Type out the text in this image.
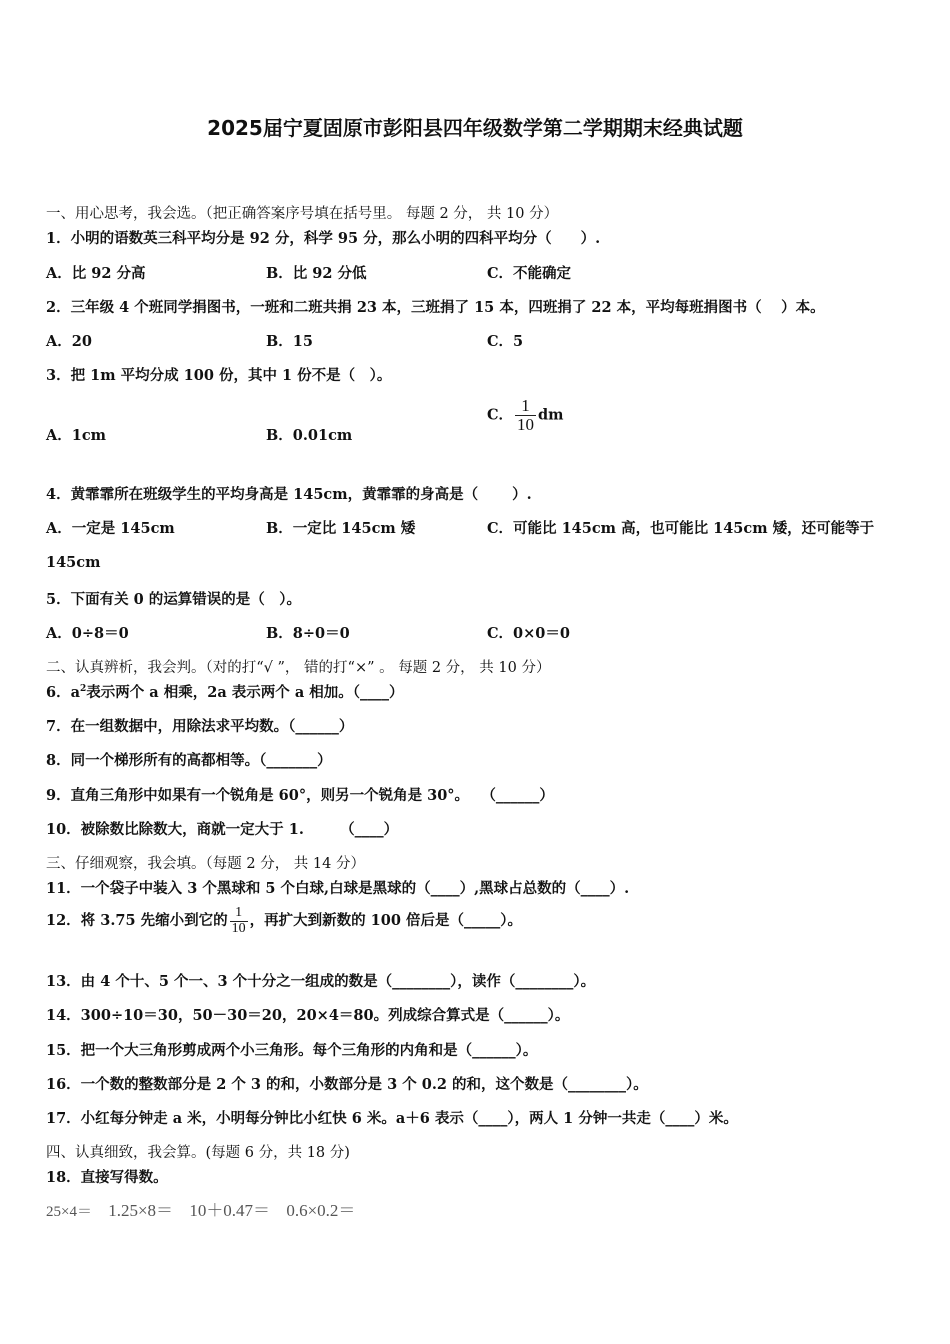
2025届宁夏固原市彭阳县四年级数学第二学期期末经典试题
一、用心思考，我会选。（把正确答案序号填在括号里。 每题 2 分， 共 10 分）
1．小明的语数英三科平均分是 92 分，科学 95 分，那么小明的四科平均分（　　）.
A．比 92 分高	B．比 92 分低	C．不能确定
2．三年级 4 个班同学捐图书，一班和二班共捐 23 本，三班捐了 15 本，四班捐了 22 本，平均每班捐图书（　 ）本。
A．20	B．15	C．5
3．把 1m 平均分成 100 份，其中 1 份不是（　）。
A．1cm	B．0.01cm
C． $\frac{1}{10}$ dm
4．黄霏霏所在班级学生的平均身高是 145cm，黄霏霏的身高是（　　 ）.
A．一定是 145cm	B．一定比 145cm 矮	C．可能比 145cm 高，也可能比 145cm 矮，还可能等于
145cm
5．下面有关 0 的运算错误的是（　）。
A．0÷8＝0	B．8÷0＝0	C．0×0＝0
二、认真辨析，我会判。（对的打“√ ”， 错的打“×” 。 每题 2 分， 共 10 分）
6．$a^2$表示两个 a 相乘，2a 表示两个 a 相加。（____）
7．在一组数据中，用除法求平均数。（______）
8．同一个梯形所有的高都相等。（_______）
9．直角三角形中如果有一个锐角是 60°，则另一个锐角是 30°。　 （______）
10．被除数比除数大，商就一定大于 1.　　　（____）
三、仔细观察，我会填。（每题 2 分， 共 14 分）
11．一个袋子中装入 3 个黑球和 5 个白球,白球是黑球的（____）,黑球占总数的（____）.
12．将 3.75 先缩小到它的 $\frac{1}{10}$ ，再扩大到新数的 100 倍后是（_____）。
13．由 4 个十、5 个一、3 个十分之一组成的数是（________），读作（________）。
14．300÷10＝30，50－30＝20，20×4＝80。列成综合算式是（______）。
15．把一个大三角形剪成两个小三角形。每个三角形的内角和是（______）。
16．一个数的整数部分是 2 个 3 的和，小数部分是 3 个 0.2 的和，这个数是（________）。
17．小红每分钟走 a 米，小明每分钟比小红快 6 米。a＋6 表示（____），两人 1 分钟一共走（____）米。
四、认真细致，我会算。(每题 6 分，共 18 分)
18．直接写得数。
25×4＝ 1.25×8＝ 10＋0.47＝ 0.6×0.2＝
